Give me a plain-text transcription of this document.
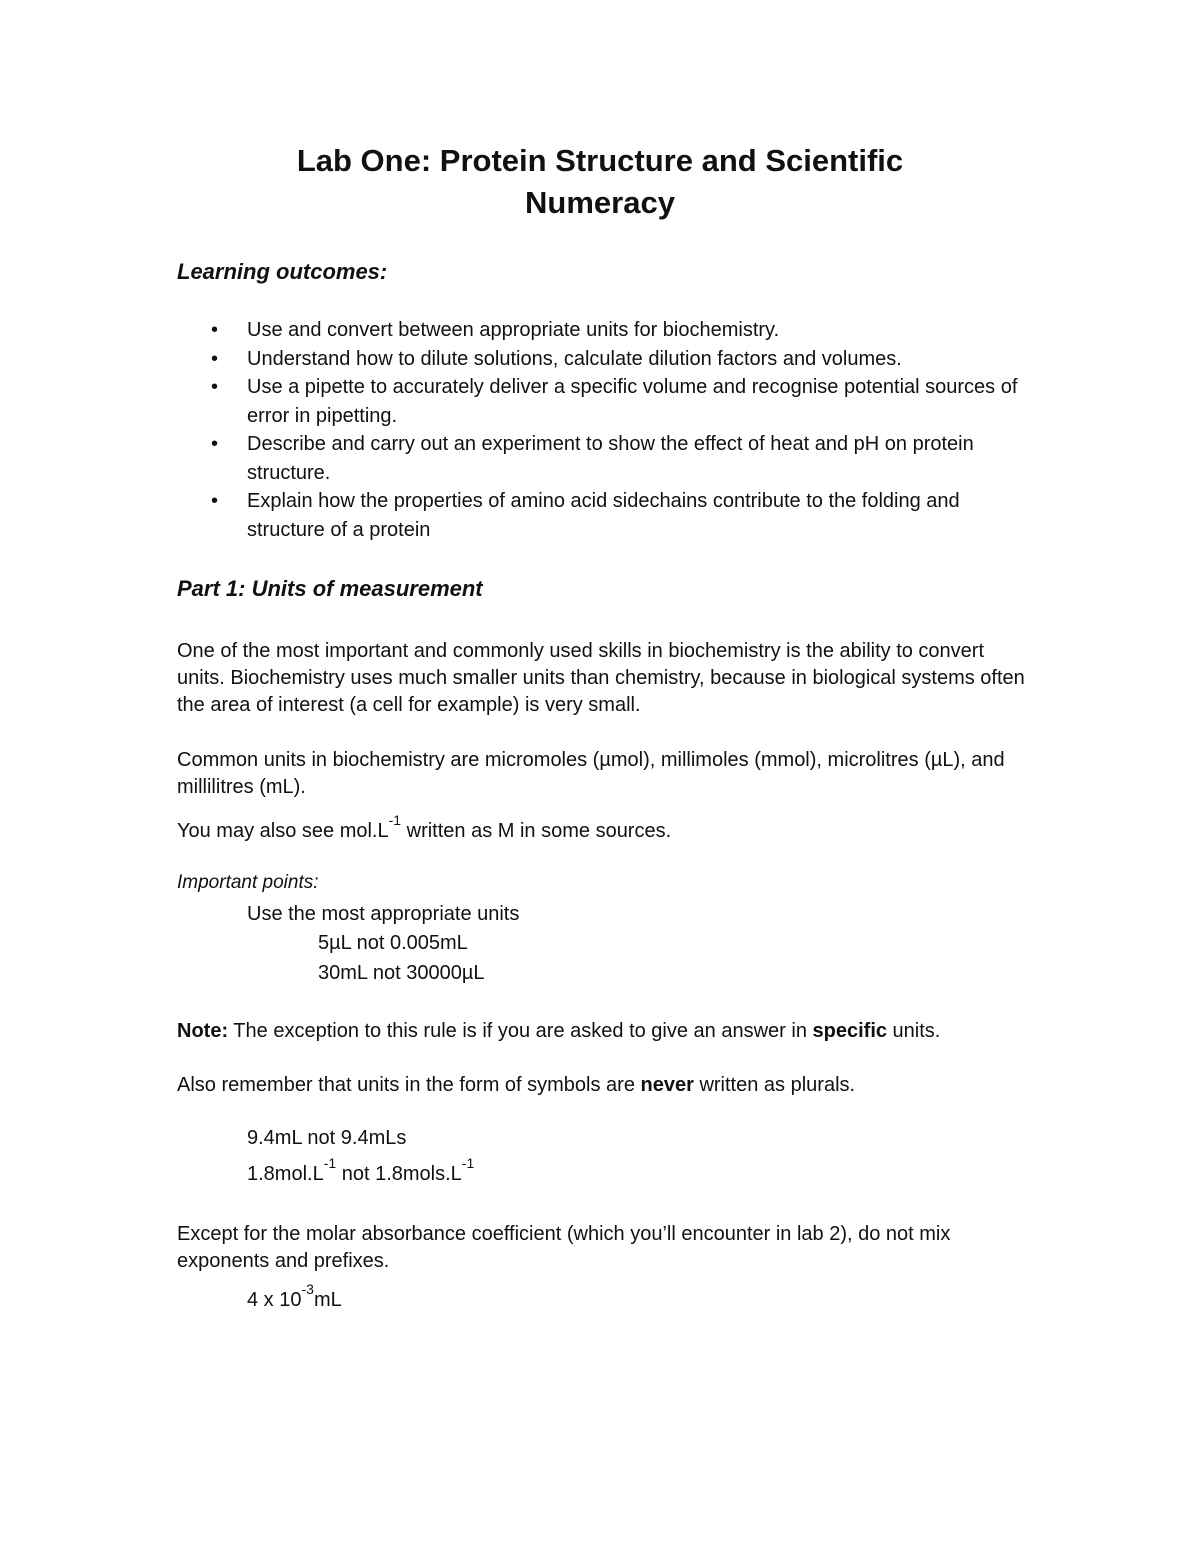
Lab One: Protein Structure and Scientific
Numeracy
Learning outcomes:
• Use and convert between appropriate units for biochemistry.
• Understand how to dilute solutions, calculate dilution factors and volumes.
• Use a pipette to accurately deliver a specific volume and recognise potential sources of error in pipetting.
• Describe and carry out an experiment to show the effect of heat and pH on protein structure.
• Explain how the properties of amino acid sidechains contribute to the folding and structure of a protein
Part 1: Units of measurement

One of the most important and commonly used skills in biochemistry is the ability to convert units. Biochemistry uses much smaller units than chemistry, because in biological systems often the area of interest (a cell for example) is very small.

Common units in biochemistry are micromoles (µmol), millimoles (mmol), microlitres (µL), and millilitres (mL).

You may also see $mol.L^{-1}$ written as M in some sources.

Important points:
Use the most appropriate units
5µL not 0.005mL
30mL not 30000µL

Note: The exception to this rule is if you are asked to give an answer in specific units.

Also remember that units in the form of symbols are never written as plurals.

9.4mL not 9.4mLs
$1.8mol.L^{-1}$ not $1.8mols.L^{-1}$

Except for the molar absorbance coefficient (which you’ll encounter in lab 2), do not mix exponents and prefixes.

4 x $10^{-3}mL$
